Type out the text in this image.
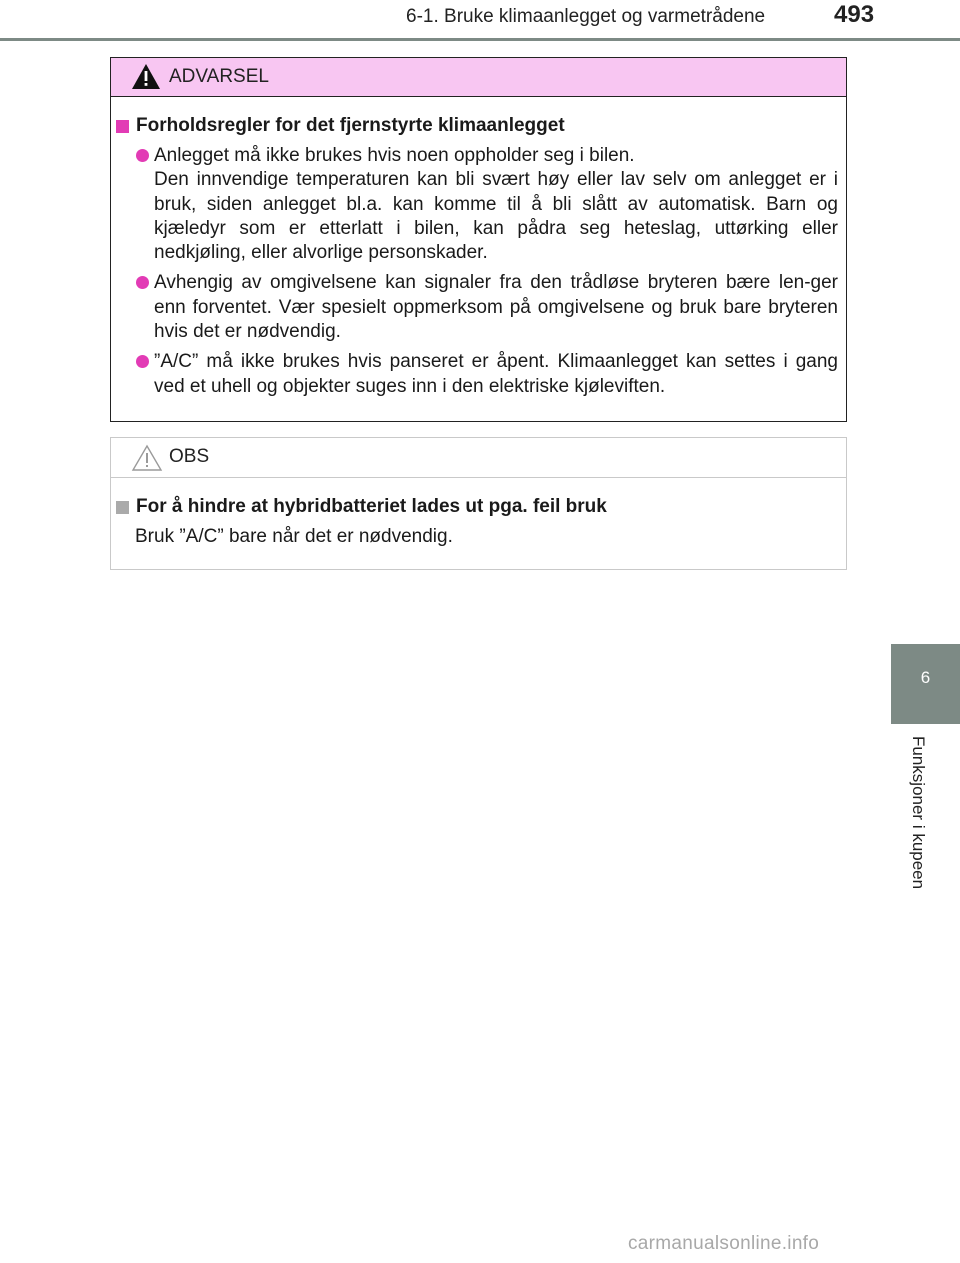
6-1. Bruke klimaanlegget og varmetrådene	493
6
Funksjoner i kupeen
ADVARSEL
Forholdsregler for det fjernstyrte klimaanlegget
Anlegget må ikke brukes hvis noen oppholder seg i bilen.
Den innvendige temperaturen kan bli svært høy eller lav selv om anlegget er i bruk, siden anlegget bl.a. kan komme til å bli slått av automatisk. Barn og kjæledyr som er etterlatt i bilen, kan pådra seg heteslag, uttørking eller nedkjøling, eller alvorlige personskader.
Avhengig av omgivelsene kan signaler fra den trådløse bryteren bære len-ger enn forventet. Vær spesielt oppmerksom på omgivelsene og bruk bare bryteren hvis det er nødvendig.
”A/C” må ikke brukes hvis panseret er åpent. Klimaanlegget kan settes i gang ved et uhell og objekter suges inn i den elektriske kjøleviften.
OBS
For å hindre at hybridbatteriet lades ut pga. feil bruk
Bruk ”A/C” bare når det er nødvendig.
carmanualsonline.info
